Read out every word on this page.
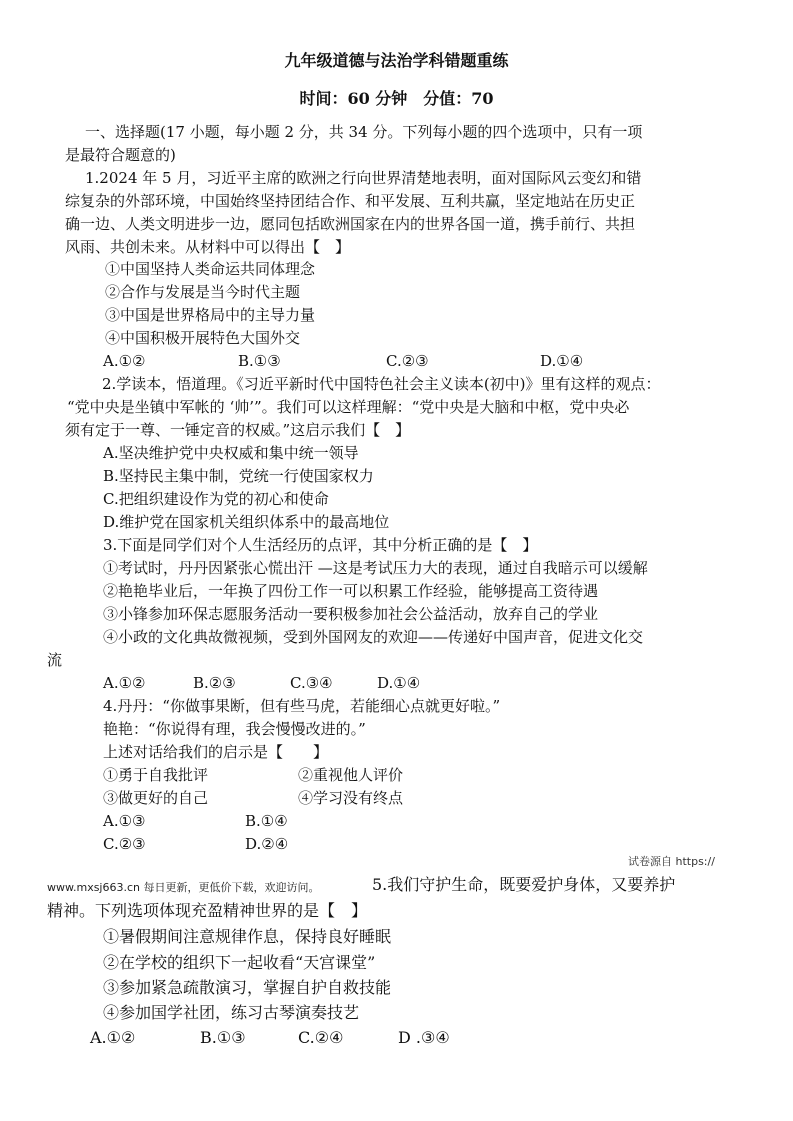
九年级道德与法治学科错题重练
时间：60 分钟　分值：70
一、选择题(17 小题，每小题 2 分，共 34 分。下列每小题的四个选项中，只有一项
是最符合题意的)
1.2024 年 5 月，习近平主席的欧洲之行向世界清楚地表明，面对国际风云变幻和错
综复杂的外部环境，中国始终坚持团结合作、和平发展、互利共赢，坚定地站在历史正
确一边、人类文明进步一边，愿同包括欧洲国家在内的世界各国一道，携手前行、共担
风雨、共创未来。从材料中可以得出【　】
①中国坚持人类命运共同体理念
②合作与发展是当今时代主题
③中国是世界格局中的主导力量
④中国积极开展特色大国外交
A.①②	B.①③	C.②③	D.①④
2.学读本，悟道理。《习近平新时代中国特色社会主义读本(初中)》里有这样的观点：
“党中央是坐镇中军帐的 ‘帅’”。我们可以这样理解：“党中央是大脑和中枢，党中央必
须有定于一尊、一锤定音的权威。”这启示我们【　】
A.坚决维护党中央权威和集中统一领导
B.坚持民主集中制，党统一行使国家权力
C.把组织建设作为党的初心和使命
D.维护党在国家机关组织体系中的最高地位
3.下面是同学们对个人生活经历的点评，其中分析正确的是【　】
①考试时，丹丹因紧张心慌出汗 —这是考试压力大的表现，通过自我暗示可以缓解
②艳艳毕业后，一年换了四份工作一可以积累工作经验，能够提高工资待遇
③小锋参加环保志愿服务活动一要积极参加社会公益活动，放弃自己的学业
④小政的文化典故微视频，受到外国网友的欢迎——传递好中国声音，促进文化交
流
A.①②	B.②③	C.③④	D.①④
4.丹丹：“你做事果断，但有些马虎，若能细心点就更好啦。”
艳艳：“你说得有理，我会慢慢改进的。”
上述对话给我们的启示是【　　】
①勇于自我批评	②重视他人评价
③做更好的自己	④学习没有终点
A.①③	B.①④
C.②③	D.②④
试卷源自 https://
www.mxsj663.cn 每日更新，更低价下载，欢迎访问。	5.我们守护生命，既要爱护身体，又要养护
精神。下列选项体现充盈精神世界的是【　】
①暑假期间注意规律作息，保持良好睡眠
②在学校的组织下一起收看“天宫课堂”
③参加紧急疏散演习，掌握自护自救技能
④参加国学社团，练习古琴演奏技艺
A.①②	B.①③	C.②④	D .③④
